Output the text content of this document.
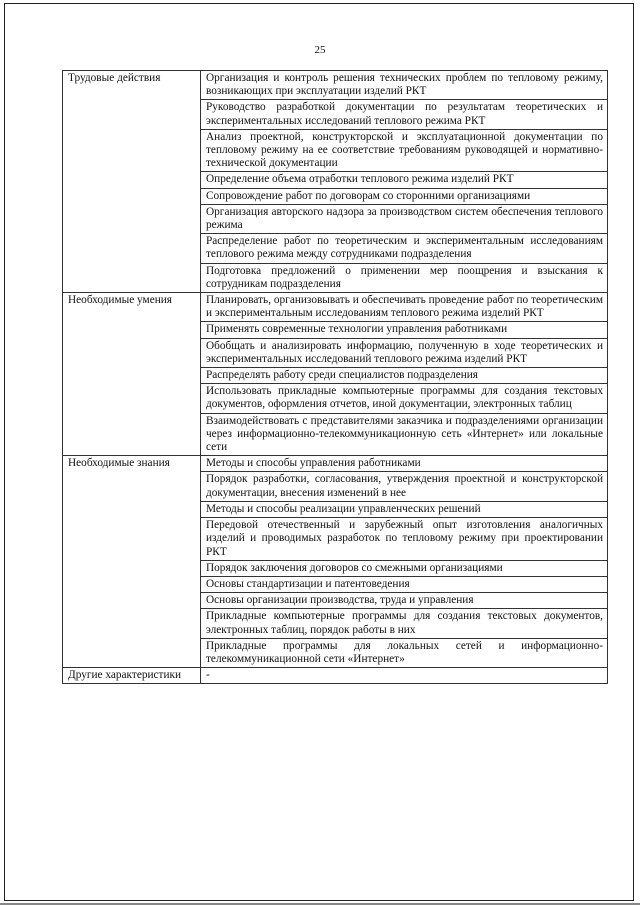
25
Трудовые действия	Организация и контроль решения технических проблем по тепловому режиму, возникающих при эксплуатации изделий РКТ
	Руководство разработкой документации по результатам теоретических и экспериментальных исследований теплового режима РКТ
	Анализ проектной, конструкторской и эксплуатационной документации по тепловому режиму на ее соответствие требованиям руководящей и нормативно-технической документации
	Определение объема отработки теплового режима изделий РКТ
	Сопровождение работ по договорам со сторонними организациями
	Организация авторского надзора за производством систем обеспечения теплового режима
	Распределение работ по теоретическим и экспериментальным исследованиям теплового режима между сотрудниками подразделения
	Подготовка предложений о применении мер поощрения и взыскания к сотрудникам подразделения
Необходимые умения	Планировать, организовывать и обеспечивать проведение работ по теоретическим и экспериментальным исследованиям теплового режима изделий РКТ
	Применять современные технологии управления работниками
	Обобщать и анализировать информацию, полученную в ходе теоретических и экспериментальных исследований теплового режима изделий РКТ
	Распределять работу среди специалистов подразделения
	Использовать прикладные компьютерные программы для создания текстовых документов, оформления отчетов, иной документации, электронных таблиц
	Взаимодействовать с представителями заказчика и подразделениями организации через информационно-телекоммуникационную сеть «Интернет» или локальные сети
Необходимые знания	Методы и способы управления работниками
	Порядок разработки, согласования, утверждения проектной и конструкторской документации, внесения изменений в нее
	Методы и способы реализации управленческих решений
	Передовой отечественный и зарубежный опыт изготовления аналогичных изделий и проводимых разработок по тепловому режиму при проектировании РКТ
	Порядок заключения договоров со смежными организациями
	Основы стандартизации и патентоведения
	Основы организации производства, труда и управления
	Прикладные компьютерные программы для создания текстовых документов, электронных таблиц, порядок работы в них
	Прикладные программы для локальных сетей и информационно-телекоммуникационной сети «Интернет»
Другие характеристики	-
